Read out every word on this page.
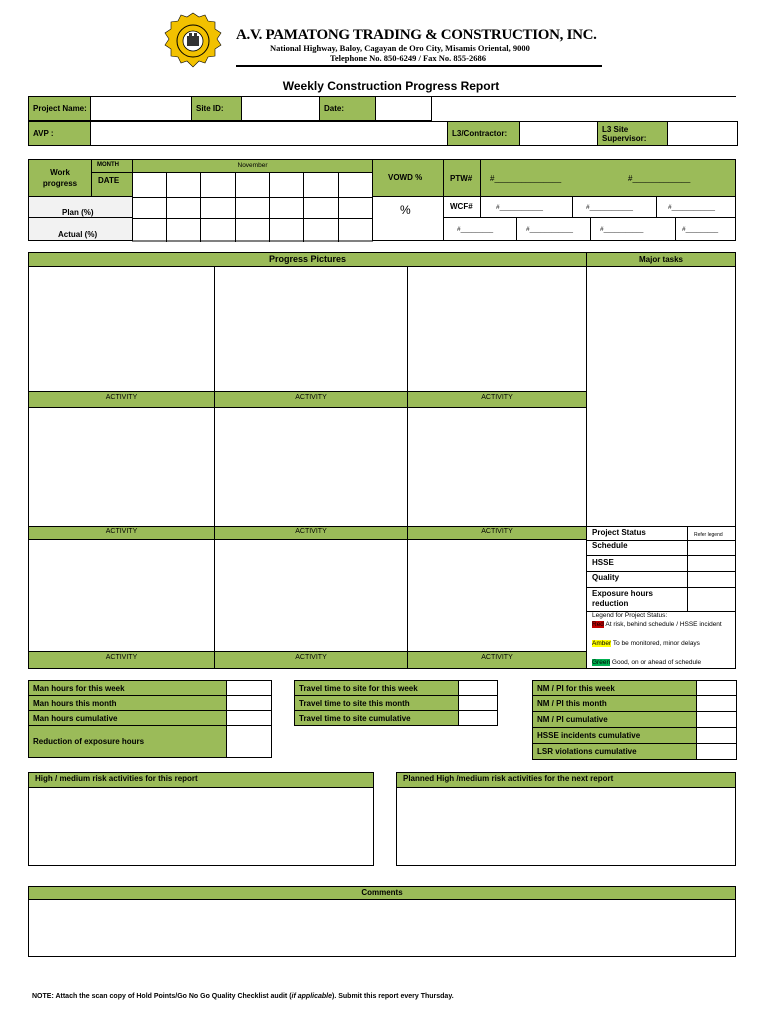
A.V. PAMATONG TRADING & CONSTRUCTION, INC.
National Highway, Baloy, Cagayan de Oro City, Misamis Oriental, 9000
Telephone No. 850-6249 / Fax No. 855-2686
Weekly Construction Progress Report
Project Name:		Site ID:		Date:	
AVP :		L3/Contractor:		L3 Site Supervisor:	
Work progress
MONTH	November
DATE
Plan (%)
Actual (%)
VOWD %
%
PTW# #_______________	#_____________
WCF#	#____________	#____________	#____________
#_________	#____________	#___________	#_________
Progress Pictures	Major tasks
ACTIVITY	ACTIVITY	ACTIVITY
ACTIVITY	ACTIVITY	ACTIVITY
ACTIVITY	ACTIVITY	ACTIVITY
Project Status	Refer legend
Schedule
HSSE
Quality
Exposure hours reduction
Legend for Project Status:
Red At risk, behind schedule / HSSE incident
Amber To be monitored, minor delays
Green Good, on or ahead of schedule
Man hours for this week	
Man hours this month	
Man hours cumulative	
Reduction of exposure hours	
Travel time to site for this week	
Travel time to site this month	
Travel time to site cumulative	
NM / PI for this week	
NM / PI this month	
NM / PI cumulative	
HSSE incidents cumulative	
LSR violations cumulative	
High / medium risk activities for this report	Planned High /medium risk activities for the next report
Comments
NOTE: Attach the scan copy of Hold Points/Go No Go Quality Checklist audit (if applicable). Submit this report every Thursday.
